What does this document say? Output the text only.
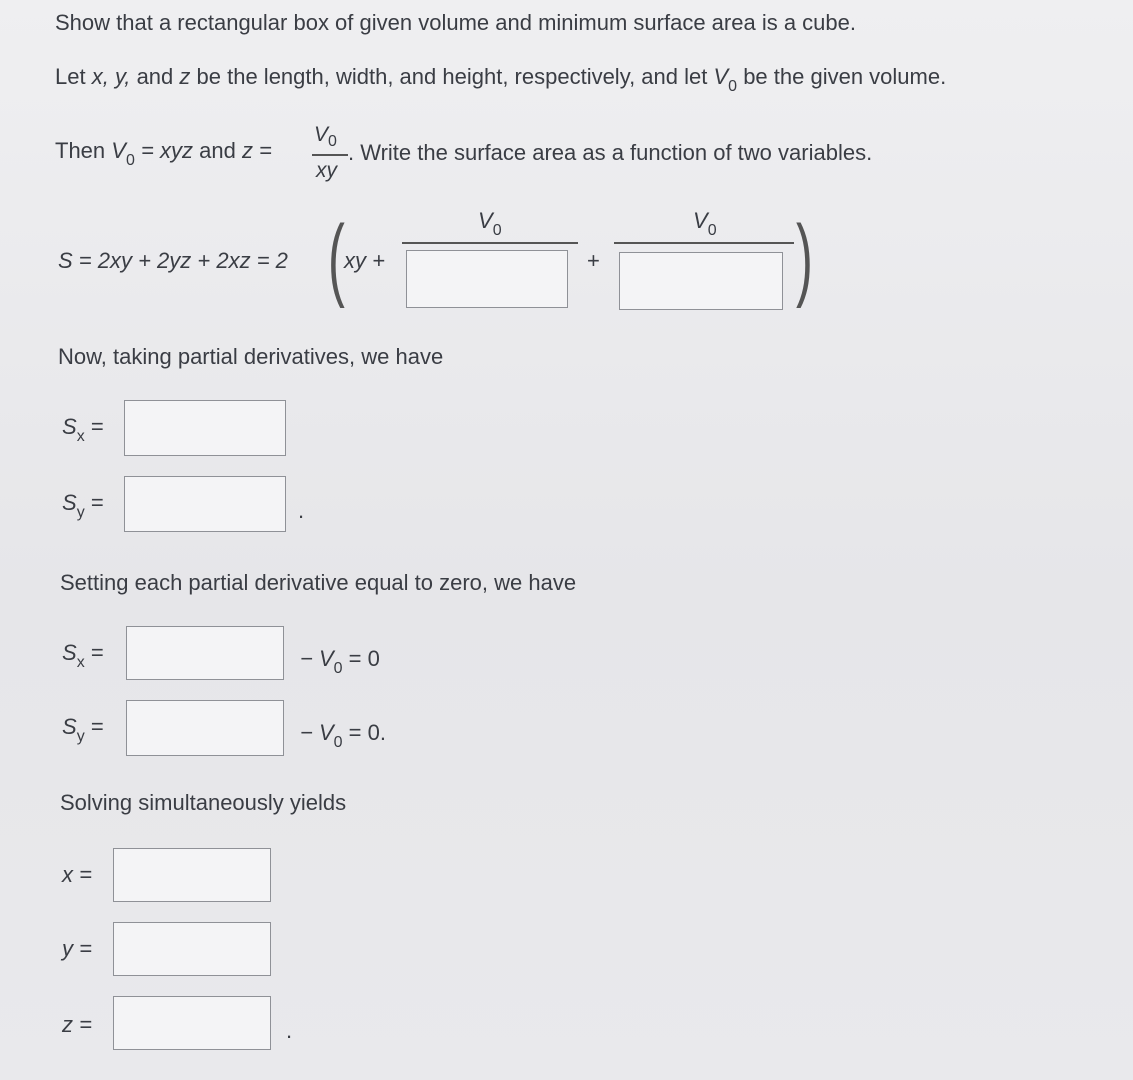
Show that a rectangular box of given volume and minimum surface area is a cube.
Let x, y, and z be the length, width, and height, respectively, and let $V_0$ be the given volume.
Then $V_0$ = xyz and z =
$V_0$
xy
. Write the surface area as a function of two variables.
S = 2xy + 2yz + 2xz = 2 ( xy +
$V_0$
+
$V_0$ )
Now, taking partial derivatives, we have
$S_x$ =
$S_y$ =	.
Setting each partial derivative equal to zero, we have
$S_x$ =	− $V_0 = 0$
$S_y$ =	− $V_0 = 0$.
Solving simultaneously yields
x =
y =
z =	.
